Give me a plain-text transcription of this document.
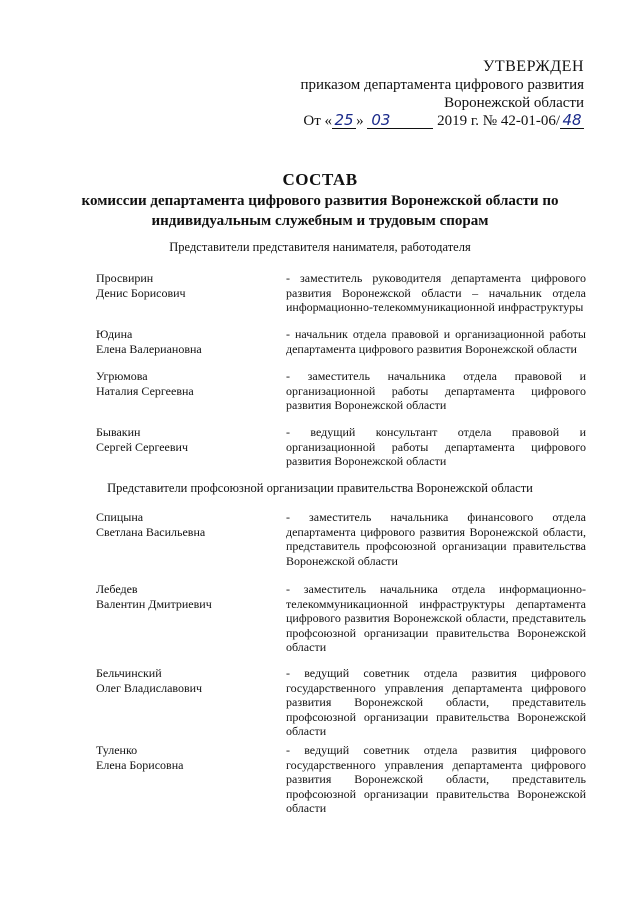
УТВЕРЖДЕН
приказом департамента цифрового развития
Воронежской области
От « 25 » 03	2019 г. № 42-01-06/ 48
СОСТАВ
комиссии департамента цифрового развития Воронежской области по
индивидуальным служебным и трудовым спорам
Представители представителя нанимателя, работодателя
Просвирин
Денис Борисович
- заместитель руководителя департамента цифрового развития Воронежской области – начальник отдела информационно-телекоммуникационной инфраструктуры
Юдина
Елена Валериановна
- начальник отдела правовой и организационной работы департамента цифрового развития Воронежской области
Угрюмова
Наталия Сергеевна
- заместитель начальника отдела правовой и организационной работы департамента цифрового развития Воронежской области
Бывакин
Сергей Сергеевич
- ведущий консультант отдела правовой и организационной работы департамента цифрового развития Воронежской области
Представители профсоюзной организации правительства Воронежской области
Спицына
Светлана Васильевна
- заместитель начальника финансового отдела департамента цифрового развития Воронежской области, представитель профсоюзной организации правительства Воронежской области
Лебедев
Валентин Дмитриевич
- заместитель начальника отдела информационно-телекоммуникационной инфраструктуры департамента цифрового развития Воронежской области, представитель профсоюзной организации правительства Воронежской области
Бельчинский
Олег Владиславович
- ведущий советник отдела развития цифрового государственного управления департамента цифрового развития Воронежской области, представитель профсоюзной организации правительства Воронежской области
Туленко
Елена Борисовна
- ведущий советник отдела развития цифрового государственного управления департамента цифрового развития Воронежской области, представитель профсоюзной организации правительства Воронежской области
